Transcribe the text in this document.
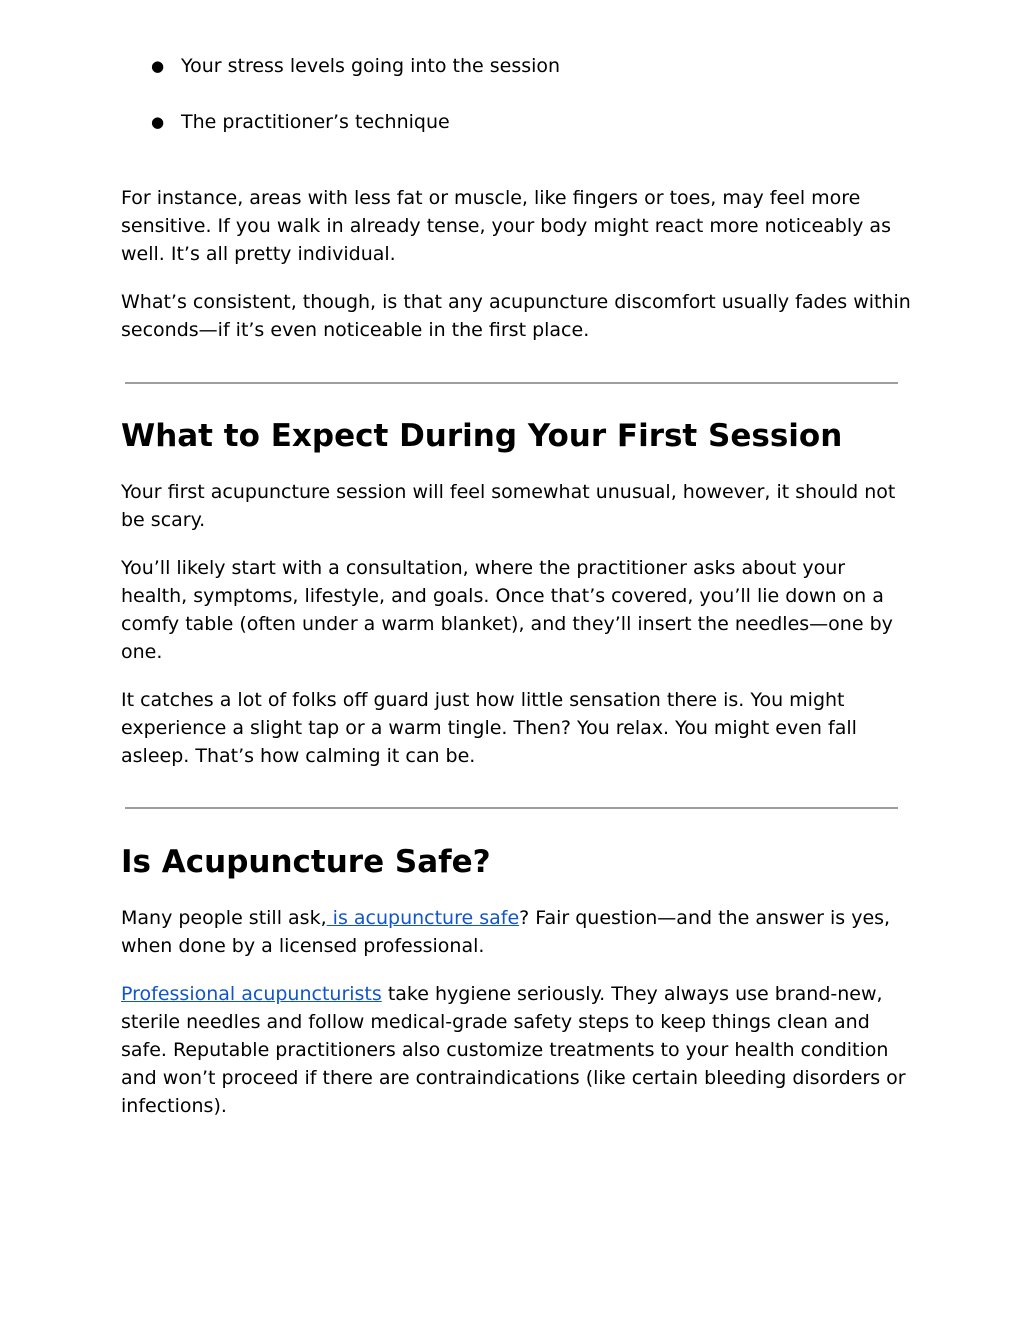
● Your stress levels going into the session
● The practitioner’s technique

For instance, areas with less fat or muscle, like fingers or toes, may feel more sensitive. If you walk in already tense, your body might react more noticeably as well. It’s all pretty individual.

What’s consistent, though, is that any acupuncture discomfort usually fades within seconds—if it’s even noticeable in the first place.

What to Expect During Your First Session

Your first acupuncture session will feel somewhat unusual, however, it should not be scary.

You’ll likely start with a consultation, where the practitioner asks about your health, symptoms, lifestyle, and goals. Once that’s covered, you’ll lie down on a comfy table (often under a warm blanket), and they’ll insert the needles—one by one.

It catches a lot of folks off guard just how little sensation there is. You might experience a slight tap or a warm tingle. Then? You relax. You might even fall asleep. That’s how calming it can be.

Is Acupuncture Safe?

Many people still ask, is acupuncture safe? Fair question—and the answer is yes, when done by a licensed professional.

Professional acupuncturists take hygiene seriously. They always use brand-new, sterile needles and follow medical-grade safety steps to keep things clean and safe. Reputable practitioners also customize treatments to your health condition and won’t proceed if there are contraindications (like certain bleeding disorders or infections).
